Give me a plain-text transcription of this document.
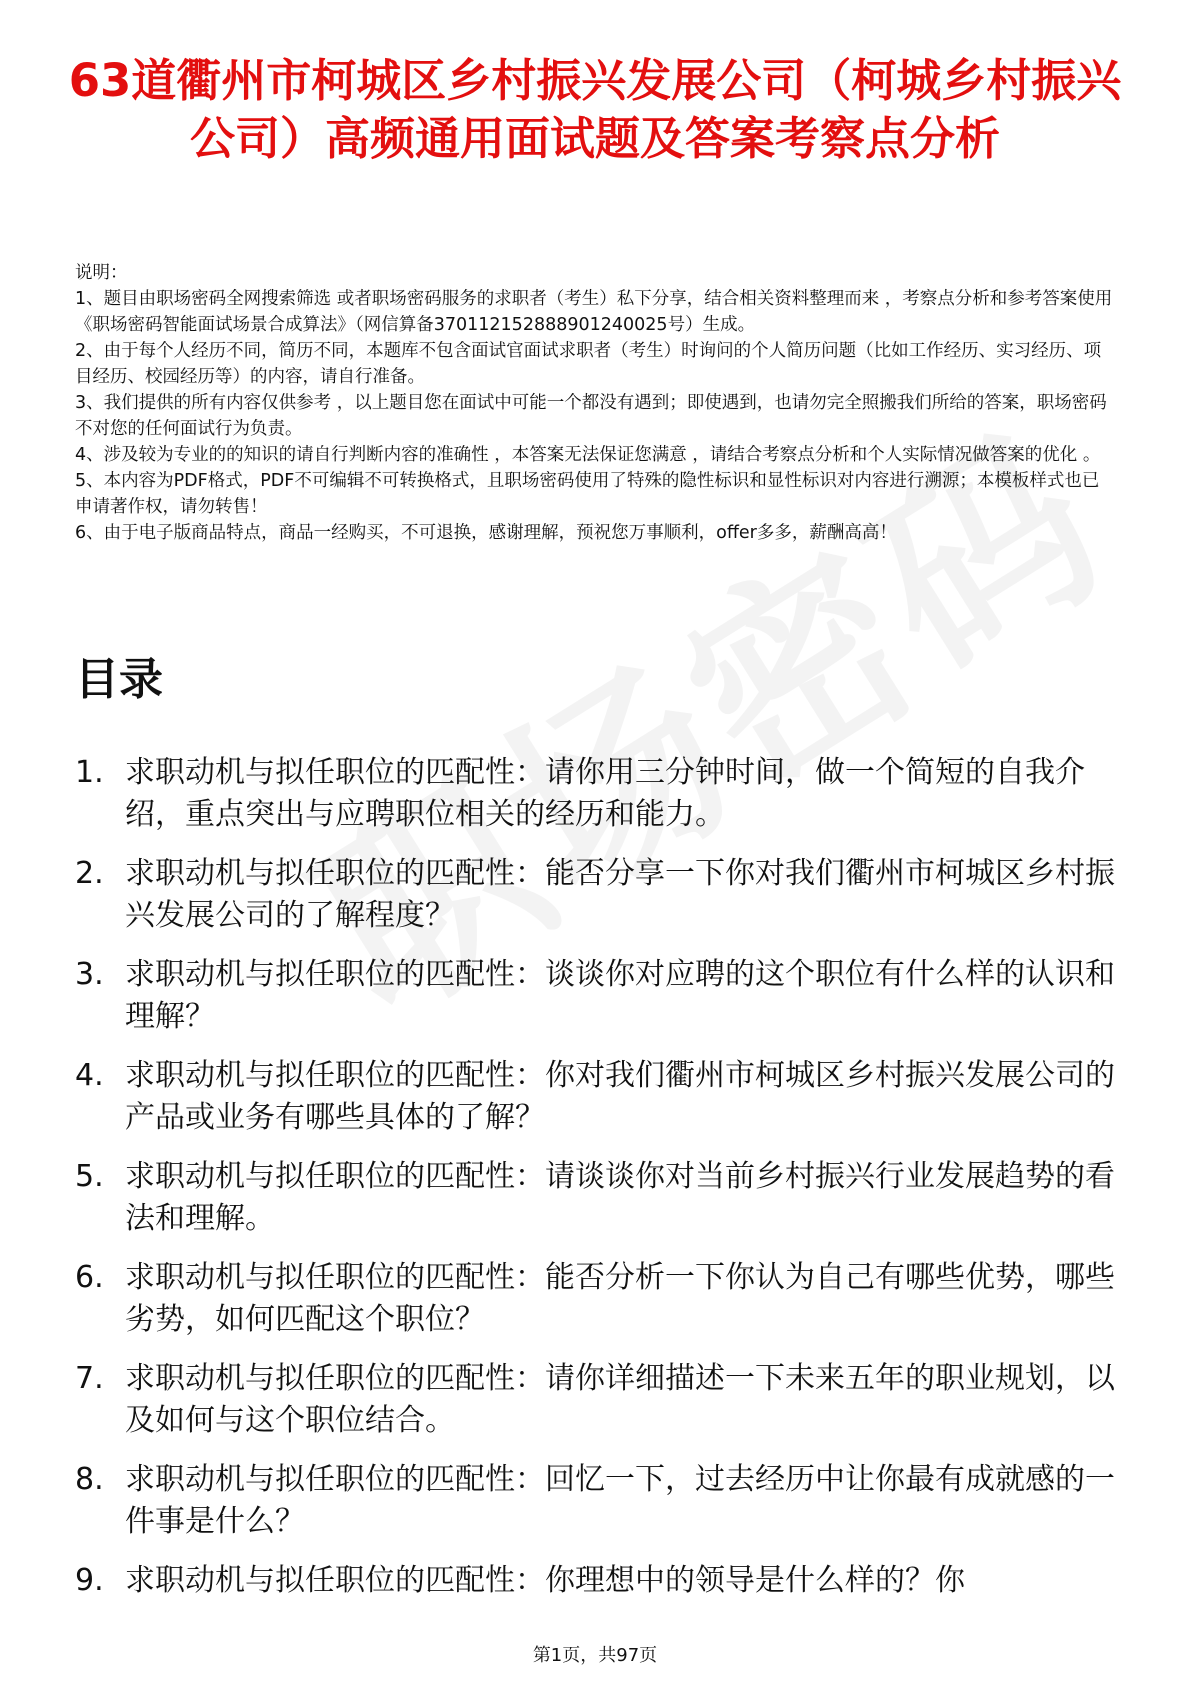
63道衢州市柯城区乡村振兴发展公司（柯城乡村振兴公司）高频通用面试题及答案考察点分析

说明：

1、题目由职场密码全网搜索筛选 或者职场密码服务的求职者（考生）私下分享，结合相关资料整理而来 ，考察点分析和参考答案使用《职场密码智能面试场景合成算法》（网信算备370112152888901240025号）生成。

2、由于每个人经历不同，简历不同，本题库不包含面试官面试求职者（考生）时询问的个人简历问题（比如工作经历、实习经历、项目经历、校园经历等）的内容，请自行准备。

3、我们提供的所有内容仅供参考 ，以上题目您在面试中可能一个都没有遇到；即使遇到，也请勿完全照搬我们所给的答案，职场密码不对您的任何面试行为负责。

4、涉及较为专业的的知识的请自行判断内容的准确性 ，本答案无法保证您满意 ，请结合考察点分析和个人实际情况做答案的优化 。

5、本内容为PDF格式，PDF不可编辑不可转换格式，且职场密码使用了特殊的隐性标识和显性标识对内容进行溯源；本模板样式也已申请著作权，请勿转售！

6、由于电子版商品特点，商品一经购买，不可退换，感谢理解，预祝您万事顺利，offer多多，薪酬高高！

目录
1. 求职动机与拟任职位的匹配性：请你用三分钟时间，做一个简短的自我介绍，重点突出与应聘职位相关的经历和能力。
2. 求职动机与拟任职位的匹配性：能否分享一下你对我们衢州市柯城区乡村振兴发展公司的了解程度？
3. 求职动机与拟任职位的匹配性：谈谈你对应聘的这个职位有什么样的认识和理解？
4. 求职动机与拟任职位的匹配性：你对我们衢州市柯城区乡村振兴发展公司的产品或业务有哪些具体的了解？
5. 求职动机与拟任职位的匹配性：请谈谈你对当前乡村振兴行业发展趋势的看法和理解。
6. 求职动机与拟任职位的匹配性：能否分析一下你认为自己有哪些优势，哪些劣势，如何匹配这个职位？
7. 求职动机与拟任职位的匹配性：请你详细描述一下未来五年的职业规划，以及如何与这个职位结合。
8. 求职动机与拟任职位的匹配性：回忆一下，过去经历中让你最有成就感的一件事是什么？
9. 求职动机与拟任职位的匹配性：你理想中的领导是什么样的？你
第1页，共97页
